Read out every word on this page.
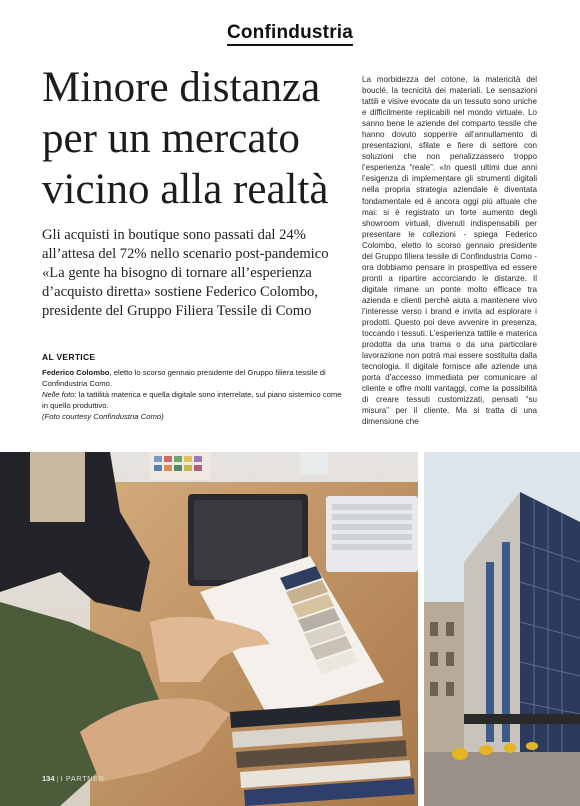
Confindustria
Minore distanza per un mercato vicino alla realtà

Gli acquisti in boutique sono passati dal 24% all’attesa del 72% nello scenario post-pandemico «La gente ha bisogno di tornare all’esperienza d’acquisto diretta» sostiene Federico Colombo, presidente del Gruppo Filiera Tessile di Como

AL VERTICE

Federico Colombo, eletto lo scorso gennaio presidente del Gruppo filiera tessile di Confindustria Como.

Nelle foto: la tattilità materica e quella digitale sono interrelate, sul piano sistemico come in quello produttivo.

(Foto courtesy Confindustria Como)

La morbidezza del cotone, la matericità del bouclé, la tecnicità dei materiali. Le sensazioni tattili e visive evocate da un tessuto sono uniche e difficilmente replicabili nel mondo virtuale. Lo sanno bene le aziende del comparto tessile che hanno dovuto sopperire all’annullamento di presentazioni, sfilate e fiere di settore con soluzioni che non penalizzassero troppo l’esperienza “reale”. «In questi ultimi due anni l’esigenza di implementare gli strumenti digitali nella propria strategia aziendale è diventata fondamentale ed è ancora oggi più attuale che mai: si è registrato un forte aumento degli showroom virtuali, divenuti indispensabili per presentare le collezioni - spiega Federico Colombo, eletto lo scorso gennaio presidente del Gruppo filiera tessile di Confindustria Como - ora dobbiamo pensare in prospettiva ed essere pronti a ripartire accorciando le distanze. Il digitale rimane un ponte molto efficace tra azienda e clienti perché aiuta a mantenere vivo l’interesse verso i brand e invita ad esplorare i prodotti. Questo poi deve avvenire in presenza, toccando i tessuti. L’esperienza tattile e materica prodotta da una trama o da una particolare lavorazione non potrà mai essere sostituita dalla tecnologia. Il digitale fornisce alle aziende una porta d’accesso immediata per comunicare al cliente e offre molti vantaggi, come la possibilità di creare tessuti customizzati, pensati “su misura” per il cliente. Ma si tratta di una dimensione che

134 | I PARTNER
